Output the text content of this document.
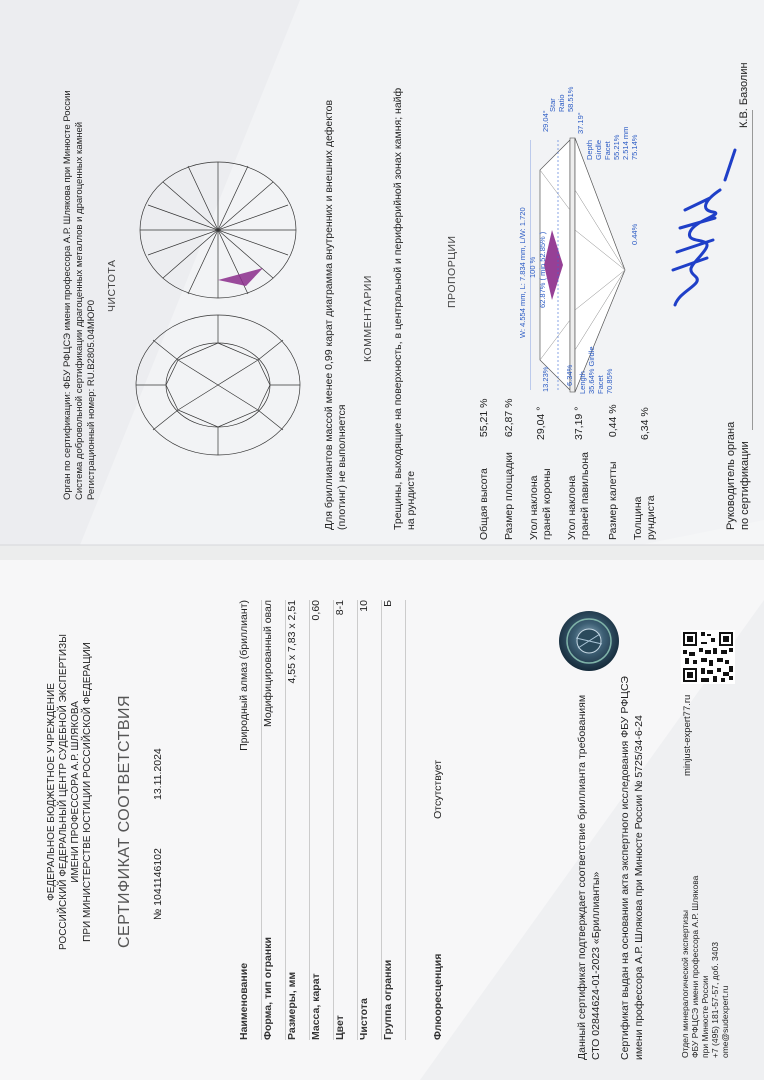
Орган по сертификации: ФБУ РФЦСЭ имени профессора А.Р. Шлякова при Минюсте России Система добровольной сертификации драгоценных металлов и драгоценных камней Регистрационный номер: RU.B2805.04МЮР0
ЧИСТОТА	КОММЕНТАРИИ
Для бриллиантов массой менее 0,99 карат диаграмма внутренних и внешних дефектов (плотинг) не выполняется	Трещины, выходящие на поверхность, в центральной и периферийной зонах камня; найф на рундисте
ПРОПОРЦИИ
Общая высота 55,21 %
Размер площадки 62,87 %
Угол наклона граней короны
29,04 °
Угол наклона граней павильона
37,19 °
Размер калетты 0,44 %
Толщина рундиста
6,34 %
W: 4.554 mm, L: 7.834 mm, L/W: 1.720 100 % 62.87% ( min 52.85% )
13.23% 6.34% Length 35.64% Girdle Facet 70.85%
0.44%
29.04°	37.19°
Star Ratio 58.51%
Depth Girdle Facet 55.21% 2.514 mm 75.14%
Руководитель органа по сертификации
К.В. Базолин
ФЕДЕРАЛЬНОЕ БЮДЖЕТНОЕ УЧРЕЖДЕНИЕ РОССИЙСКИЙ ФЕДЕРАЛЬНЫЙ ЦЕНТР СУДЕБНОЙ ЭКСПЕРТИЗЫ ИМЕНИ ПРОФЕССОРА А.Р. ШЛЯКОВА ПРИ МИНИСТЕРСТВЕ ЮСТИЦИИ РОССИЙСКОЙ ФЕДЕРАЦИИ СЕРТИФИКАТ СООТВЕТСТВИЯ № 1041146102
13.11.2024
Наименование
Природный алмаз (бриллиант)
Форма, тип огранки
Модифицированный овал
Размеры, мм
4,55 x 7,83 x 2,51
Масса, карат
0,60
Цвет
8-1
Чистота
10
Группа огранки
Б
Флюоресценция
Отсутствует	Данный сертификат подтверждает соответствие бриллианта требованиям СТО 02844624-01-2023 «Бриллианты» Сертификат выдан на основании акта экспертного исследования ФБУ РФЦСЭ имени профессора А.Р. Шлякова при Минюсте России № 5725/34-6-24	minjust-expert77.ru
Отдел минералогической экспертизы ФБУ РФЦСЭ имени профессора А.Р. Шлякова при Минюсте России +7 (495) 181-57-57, доб. 3403 ome@sudexpert.ru
